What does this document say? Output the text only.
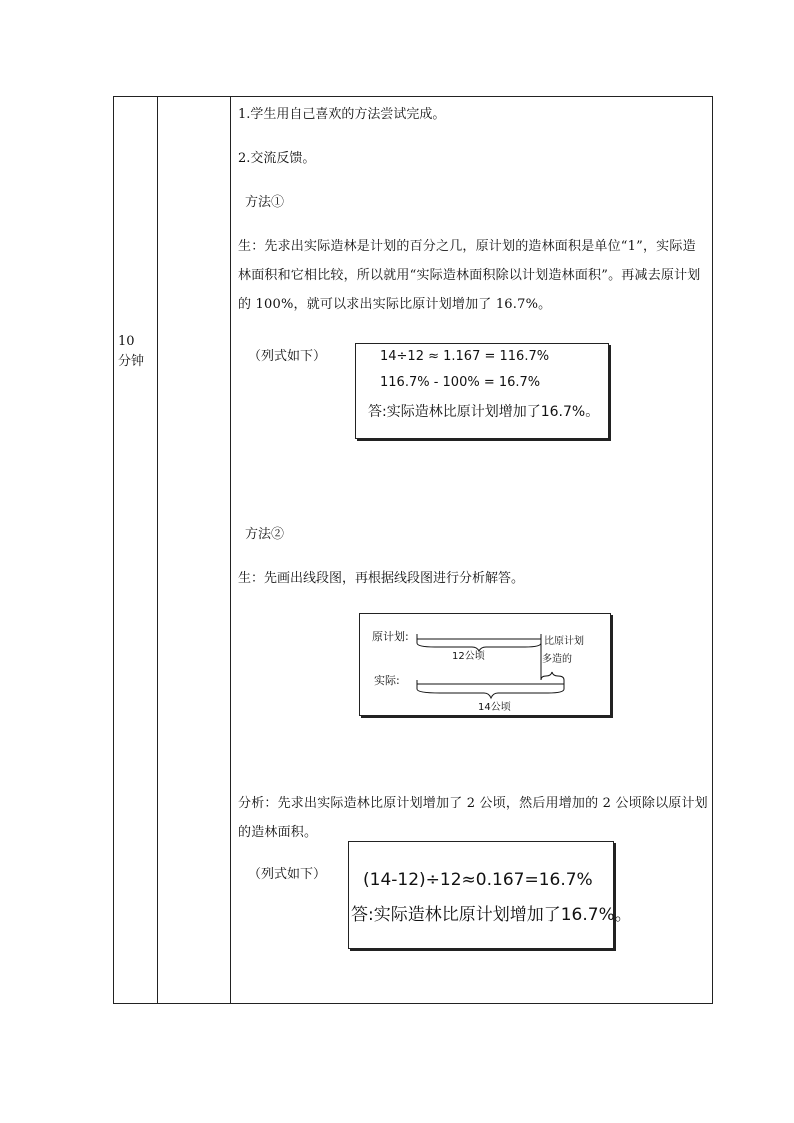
10
分钟
1.学生用自己喜欢的方法尝试完成。
2.交流反馈。
方法①
生：先求出实际造林是计划的百分之几，原计划的造林面积是单位“1”，实际造林面积和它相比较，所以就用“实际造林面积除以计划造林面积”。再减去原计划的 100%，就可以求出实际比原计划增加了 16.7%。
（列式如下）	14÷12 ≈ 1.167 = 116.7%
116.7% - 100% = 16.7%
答:实际造林比原计划增加了16.7%。
方法②
生：先画出线段图，再根据线段图进行分析解答。
原计划:
12公顷
实际:
14公顷
比原计划
多造的
分析：先求出实际造林比原计划增加了 2 公顷，然后用增加的 2 公顷除以原计划的造林面积。
（列式如下） (14-12)÷12≈0.167=16.7%
答:实际造林比原计划增加了16.7%。
